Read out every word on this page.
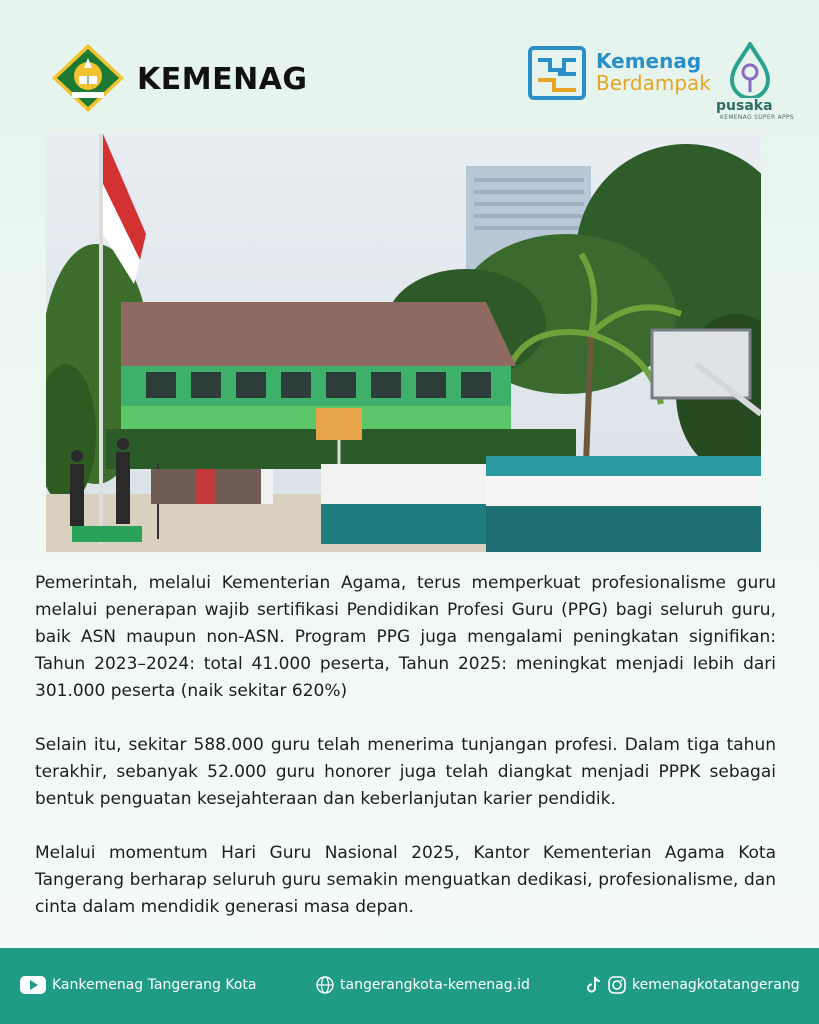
KEMENAG
Kemenag
Berdampak
pusaka
KEMENAG SUPER APPS

Pemerintah, melalui Kementerian Agama, terus memperkuat profesionalisme guru melalui penerapan wajib sertifikasi Pendidikan Profesi Guru (PPG) bagi seluruh guru, baik ASN maupun non-ASN. Program PPG juga mengalami peningkatan signifikan: Tahun 2023–2024: total 41.000 peserta, Tahun 2025: meningkat menjadi lebih dari 301.000 peserta (naik sekitar 620%)

Selain itu, sekitar 588.000 guru telah menerima tunjangan profesi. Dalam tiga tahun terakhir, sebanyak 52.000 guru honorer juga telah diangkat menjadi PPPK sebagai bentuk penguatan kesejahteraan dan keberlanjutan karier pendidik.

Melalui momentum Hari Guru Nasional 2025, Kantor Kementerian Agama Kota Tangerang berharap seluruh guru semakin menguatkan dedikasi, profesionalisme, dan cinta dalam mendidik generasi masa depan.

Kankemenag Tangerang Kota	tangerangkota-kemenag.id	kemenagkotatangerang
